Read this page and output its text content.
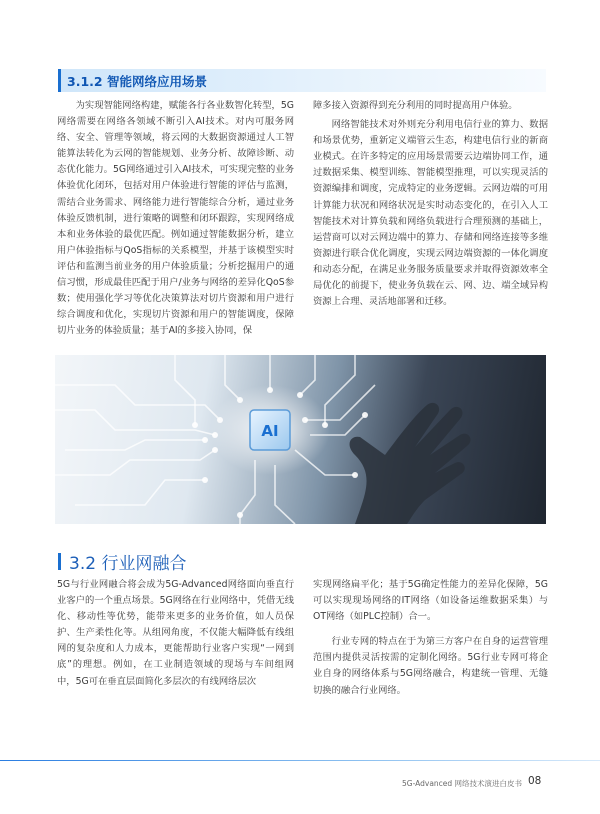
3.1.2 智能网络应用场景

为实现智能网络构建，赋能各行各业数智化转型，5G网络需要在网络各领域不断引入AI技术。对内可服务网络、安全、管理等领域，将云网的大数据资源通过人工智能算法转化为云网的智能规划、业务分析、故障诊断、动态优化能力。5G网络通过引入AI技术，可实现完整的业务体验优化闭环，包括对用户体验进行智能的评估与监测，需结合业务需求、网络能力进行智能综合分析，通过业务体验反馈机制，进行策略的调整和闭环跟踪，实现网络成本和业务体验的最优匹配。例如通过智能数据分析，建立用户体验指标与QoS指标的关系模型，并基于该模型实时评估和监测当前业务的用户体验质量；分析挖掘用户的通信习惯，形成最佳匹配于用户/业务与网络的差异化QoS参数；使用强化学习等优化决策算法对切片资源和用户进行综合调度和优化，实现切片资源和用户的智能调度，保障切片业务的体验质量；基于AI的多接入协同，保

障多接入资源得到充分利用的同时提高用户体验。

网络智能技术对外则充分利用电信行业的算力、数据和场景优势，重新定义端管云生态，构建电信行业的新商业模式。在许多特定的应用场景需要云边端协同工作，通过数据采集、模型训练、智能模型推理，可以实现灵活的资源编排和调度，完成特定的业务逻辑。云网边端的可用计算能力状况和网络状况是实时动态变化的，在引入人工智能技术对计算负载和网络负载进行合理预测的基础上，运营商可以对云网边端中的算力、存储和网络连接等多维资源进行联合优化调度，实现云网边端资源的一体化调度和动态分配，在满足业务服务质量要求并取得资源效率全局优化的前提下，使业务负载在云、网、边、端全域异构资源上合理、灵活地部署和迁移。

AI
3.2 行业网融合

5G与行业网融合将会成为5G-Advanced网络面向垂直行业客户的一个重点场景。5G网络在行业网络中，凭借无线化、移动性等优势，能带来更多的业务价值，如人员保护、生产柔性化等。从组网角度，不仅能大幅降低有线组网的复杂度和人力成本，更能帮助行业客户实现“一网到底”的理想。例如，在工业制造领域的现场与车间组网中，5G可在垂直层面简化多层次的有线网络层次

实现网络扁平化；基于5G确定性能力的差异化保障，5G可以实现现场网络的IT网络（如设备运维数据采集）与OT网络（如PLC控制）合一。

行业专网的特点在于为第三方客户在自身的运营管理范围内提供灵活按需的定制化网络。5G行业专网可将企业自身的网络体系与5G网络融合，构建统一管理、无缝切换的融合行业网络。

5G-Advanced 网络技术演进白皮书 08
